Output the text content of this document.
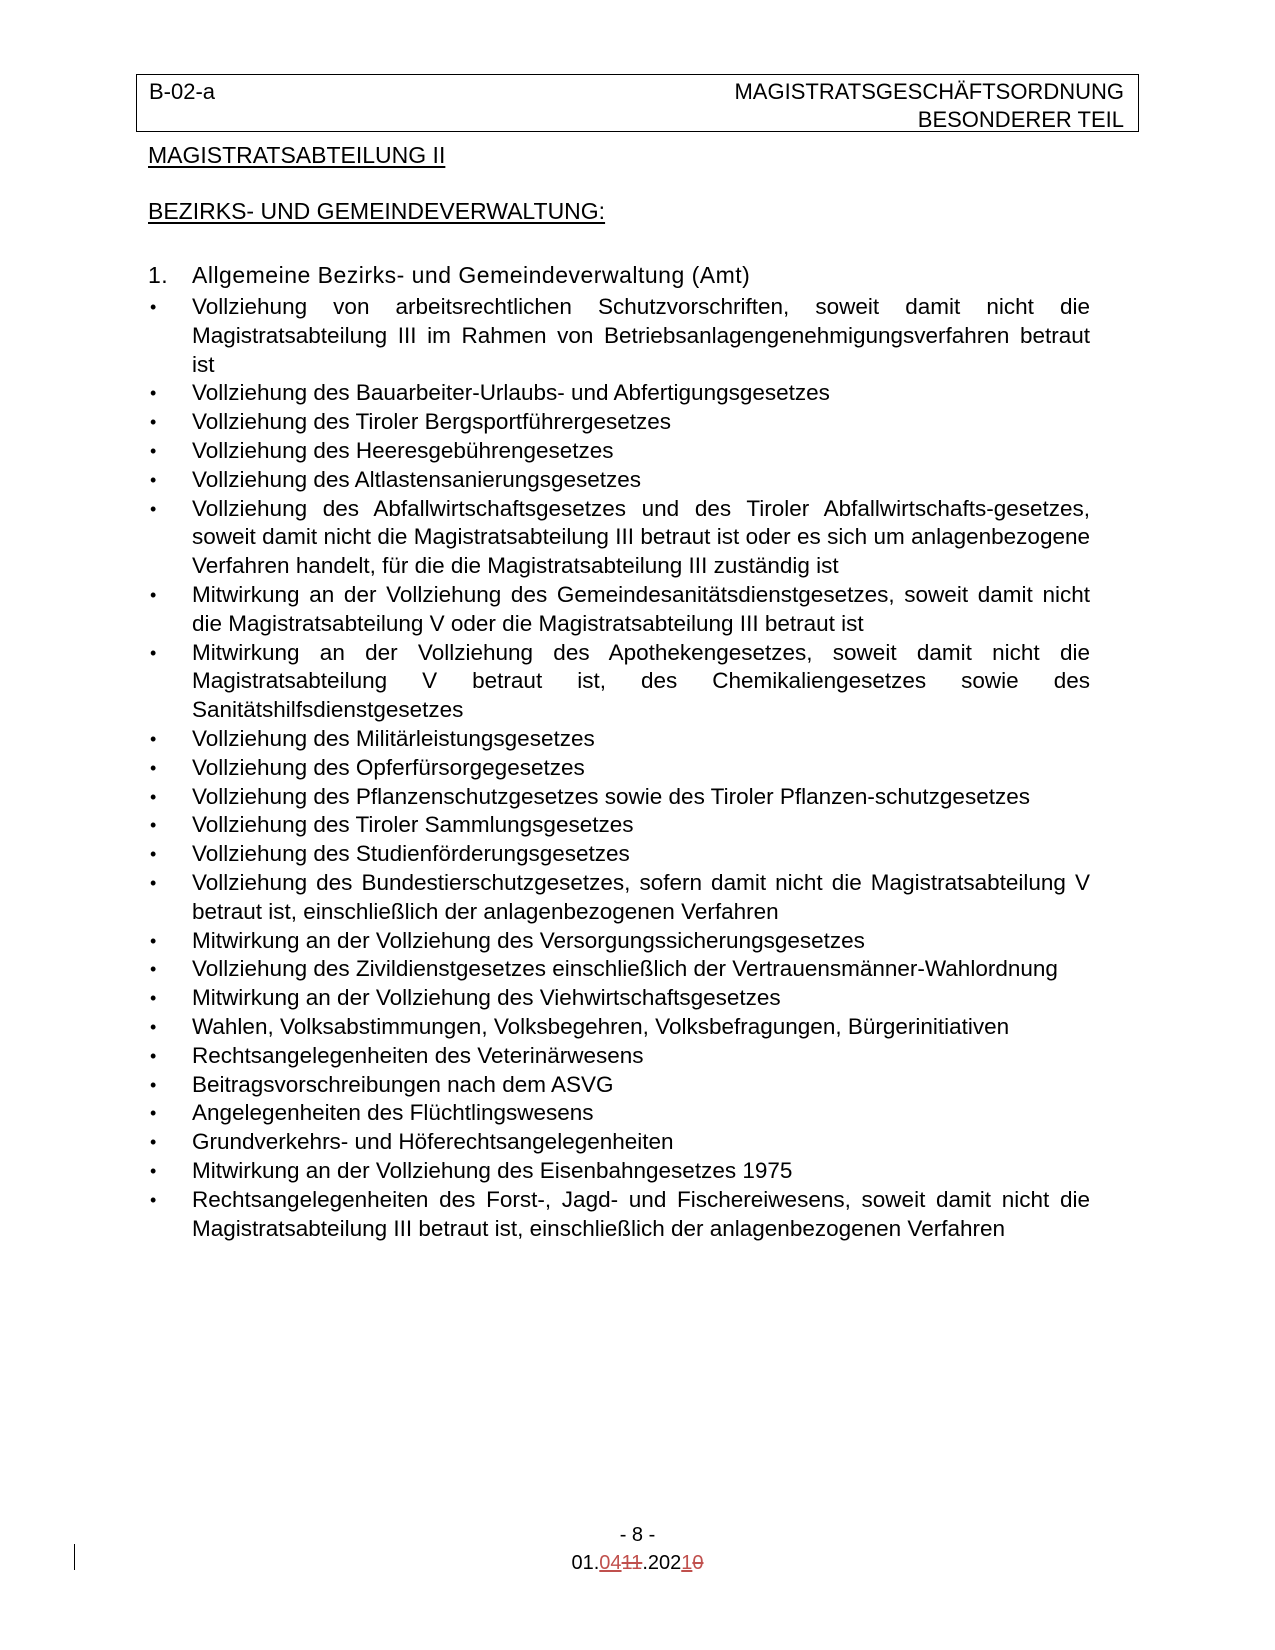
B-02-a	MAGISTRATSGESCHÄFTSORDNUNG
BESONDERER TEIL
MAGISTRATSABTEILUNG II
BEZIRKS- UND GEMEINDEVERWALTUNG:
1. Allgemeine Bezirks- und Gemeindeverwaltung (Amt)
• Vollziehung von arbeitsrechtlichen Schutzvorschriften, soweit damit nicht die Magistratsabteilung III im Rahmen von Betriebsanlagengenehmigungsverfahren betraut ist
• Vollziehung des Bauarbeiter-Urlaubs- und Abfertigungsgesetzes
• Vollziehung des Tiroler Bergsportführergesetzes
• Vollziehung des Heeresgebührengesetzes
• Vollziehung des Altlastensanierungsgesetzes
• Vollziehung des Abfallwirtschaftsgesetzes und des Tiroler Abfallwirtschafts-gesetzes, soweit damit nicht die Magistratsabteilung III betraut ist oder es sich um anlagenbezogene Verfahren handelt, für die die Magistratsabteilung III zuständig ist
• Mitwirkung an der Vollziehung des Gemeindesanitätsdienstgesetzes, soweit damit nicht die Magistratsabteilung V oder die Magistratsabteilung III betraut ist
• Mitwirkung an der Vollziehung des Apothekengesetzes, soweit damit nicht die Magistratsabteilung V betraut ist, des Chemikaliengesetzes sowie des Sanitätshilfsdienstgesetzes
• Vollziehung des Militärleistungsgesetzes
• Vollziehung des Opferfürsorgegesetzes
• Vollziehung des Pflanzenschutzgesetzes sowie des Tiroler Pflanzen-schutzgesetzes
• Vollziehung des Tiroler Sammlungsgesetzes
• Vollziehung des Studienförderungsgesetzes
• Vollziehung des Bundestierschutzgesetzes, sofern damit nicht die Magistratsabteilung V betraut ist, einschließlich der anlagenbezogenen Verfahren
• Mitwirkung an der Vollziehung des Versorgungssicherungsgesetzes
• Vollziehung des Zivildienstgesetzes einschließlich der Vertrauensmänner-Wahlordnung
• Mitwirkung an der Vollziehung des Viehwirtschaftsgesetzes
• Wahlen, Volksabstimmungen, Volksbegehren, Volksbefragungen, Bürgerinitiativen
• Rechtsangelegenheiten des Veterinärwesens
• Beitragsvorschreibungen nach dem ASVG
• Angelegenheiten des Flüchtlingswesens
• Grundverkehrs- und Höferechtsangelegenheiten
• Mitwirkung an der Vollziehung des Eisenbahngesetzes 1975
• Rechtsangelegenheiten des Forst-, Jagd- und Fischereiwesens, soweit damit nicht die Magistratsabteilung III betraut ist, einschließlich der anlagenbezogenen Verfahren
- 8 -
01.0411.20210
